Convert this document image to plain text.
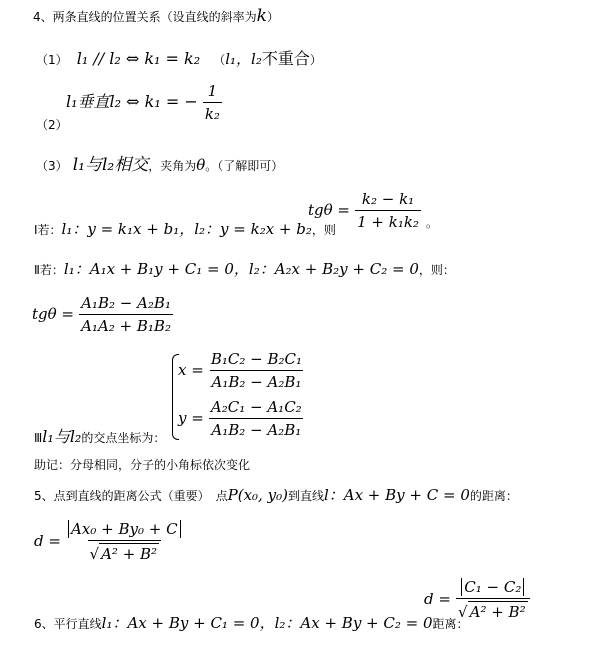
4、两条直线的位置关系（设直线的斜率为k）
（1） l₁ // l₂ ⇔ k₁ = k₂ （l₁，l₂不重合）
l₁垂直l₂ ⇔ k₁ = − $\frac{1}{\text{k₂}}$
（2）
（3） l₁与l₂相交，夹角为θ。（了解即可）
Ⅰ若：l₁：y = k₁x + b₁，l₂：y = k₂x + b₂，则
$tg\theta = \frac{\text{k₂ − k₁}}{\text{1 + k₁k₂}}$ 。
Ⅱ若：l₁：A₁x + B₁y + C₁ = 0，l₂：A₂x + B₂y + C₂ = 0，则：
$tg\theta = \frac{\text{A₁B₂ − A₂B₁}}{\text{A₁A₂ + B₁B₂}}$
$x = \frac{\text{B₁C₂ − B₂C₁}}{\text{A₁B₂ − A₂B₁}}$
$y = \frac{\text{A₂C₁ − A₁C₂}}{\text{A₁B₂ − A₂B₁}}$
Ⅲl₁与l₂的交点坐标为：
助记：分母相同，分子的小角标依次变化
5、点到直线的距离公式（重要）　点P(x₀, y₀)到直线l：Ax + By + C = 0的距离：
$d = \frac{\text{Ax₀ + By₀ + C}}{\text{√ A² + B²}}$
6、平行直线l₁：Ax + By + C₁ = 0，l₂：Ax + By + C₂ = 0距离：
$d = \frac{\text{C₁ − C₂}}{\text{√ A² + B²}}$
